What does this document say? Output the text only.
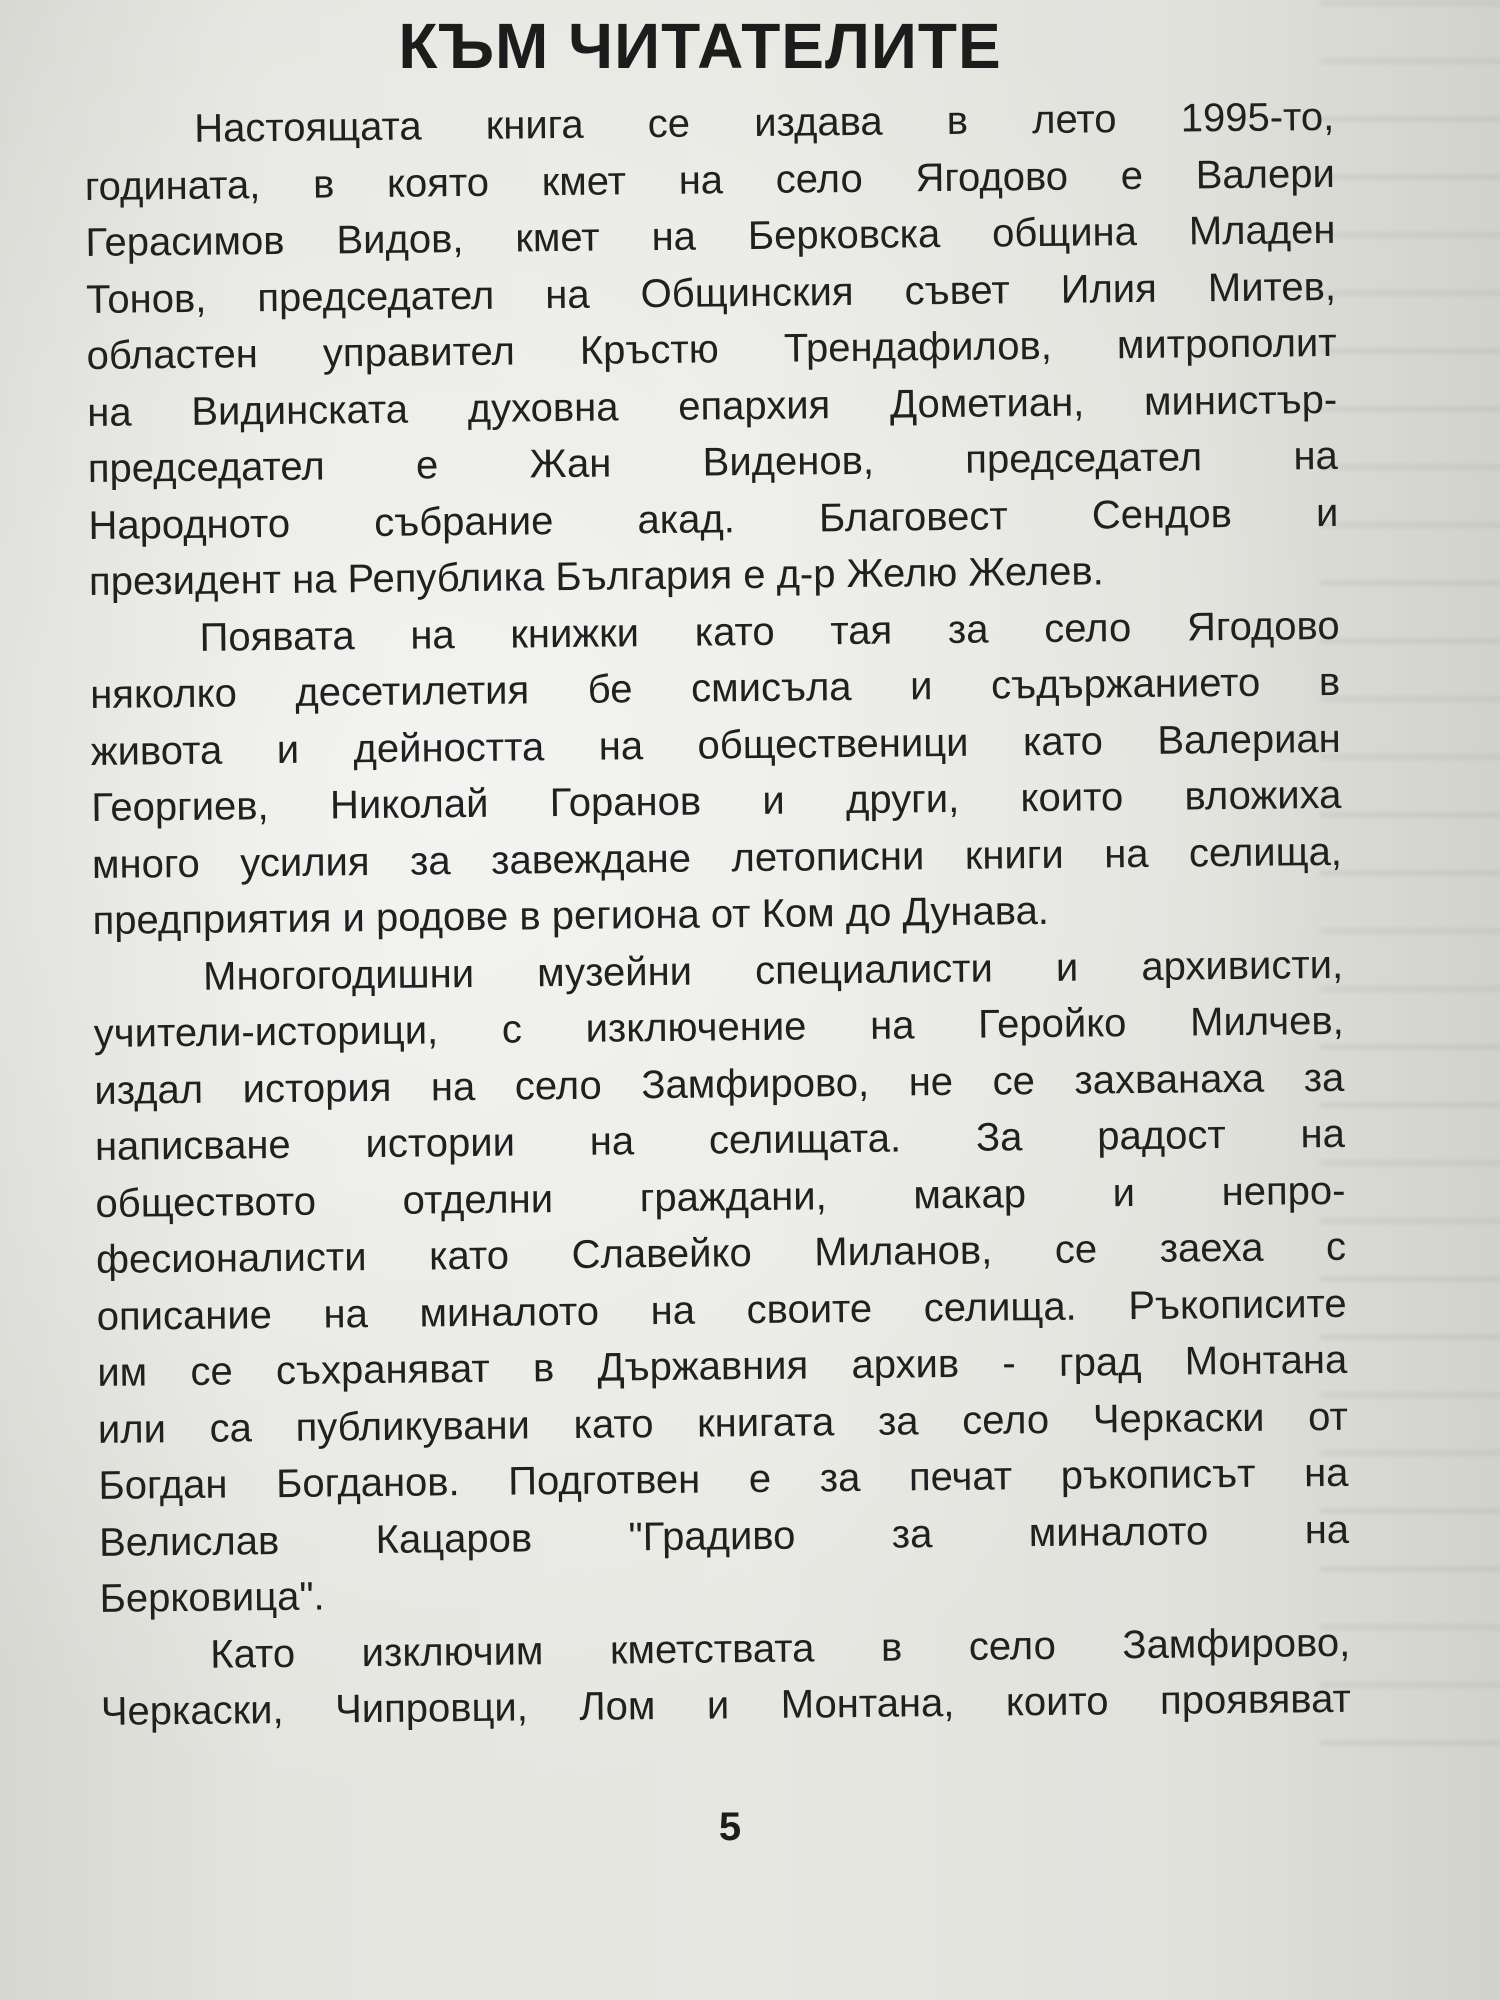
КЪМ ЧИТАТЕЛИТЕ

Настоящата книга се издава в лето 1995-то,
годината, в която кмет на село Ягодово е Валери
Герасимов Видов, кмет на Берковска община Младен
Тонов, председател на Общинския съвет Илия Митев,
областен управител Кръстю Трендафилов, митрополит
на Видинската духовна епархия Дометиан, министър-
председател е Жан Виденов, председател на
Народното събрание акад. Благовест Сендов и
президент на Република България е д-р Желю Желев.

Появата на книжки като тая за село Ягодово
няколко десетилетия бе смисъла и съдържанието в
живота и дейността на общественици като Валериан
Георгиев, Николай Горанов и други, които вложиха
много усилия за завеждане летописни книги на селища,
предприятия и родове в региона от Ком до Дунава.

Многогодишни музейни специалисти и архивисти,
учители-историци, с изключение на Геройко Милчев,
издал история на село Замфирово, не се захванаха за
написване истории на селищата. За радост на
обществото отделни граждани, макар и непро-
фесионалисти като Славейко Миланов, се заеха с
описание на миналото на своите селища. Ръкописите
им се съхраняват в Държавния архив - град Монтана
или са публикувани като книгата за село Черкаски от
Богдан Богданов. Подготвен е за печат ръкописът на
Велислав Кацаров "Градиво за миналото на
Берковица".

Като изключим кметствата в село Замфирово,
Черкаски, Чипровци, Лом и Монтана, които проявяват

5
